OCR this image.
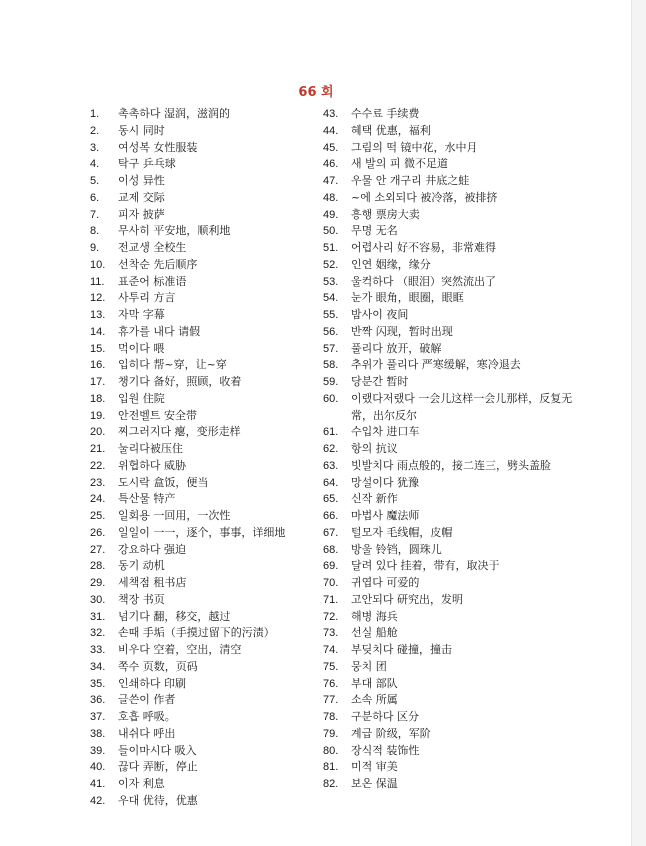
66 회
1.	촉촉하다 湿润，滋润的
2.	동시 同时
3.	여성복 女性服装
4.	탁구 乒乓球
5.	이성 异性
6.	교제 交际
7.	피자 披萨
8.	무사히 平安地，顺利地
9.	전교생 全校生
10.	선착순 先后顺序
11.	표준어 标准语
12.	사투리 方言
13.	자막 字幕
14.	휴가를 내다 请假
15.	먹이다 喂
16.	입히다 帮~穿，让~穿
17.	챙기다 备好，照顾，收着
18.	입원 住院
19.	안전벨트 安全带
20.	찌그러지다 瘪，变形走样
21.	눌리다被压住
22.	위협하다 威胁
23.	도시락 盒饭，便当
24.	특산물 特产
25.	일회용 一回用，一次性
26.	일일이 一一，逐个，事事，详细地
27.	강요하다 强迫
28.	동기 动机
29.	세책점 租书店
30.	책장 书页
31.	넘기다 翻，移交，越过
32.	손때 手垢（手摸过留下的污渍）
33.	비우다 空着，空出，清空
34.	쪽수 页数，页码
35.	인쇄하다 印刷
36.	글쓴이 作者
37.	호흡 呼吸。
38.	내쉬다 呼出
39.	들이마시다 吸入
40.	끊다 弄断，停止
41.	이자 利息
42.	우대 优待，优惠
43.	수수료 手续费
44.	혜택 优惠，福利
45.	그림의 떡 镜中花，水中月
46.	새 발의 피 微不足道
47.	우물 안 개구리 井底之蛙
48.	~에 소외되다 被冷落，被排挤
49.	흥행 票房大卖
50.	무명 无名
51.	어렵사리 好不容易，非常难得
52.	인연 姻缘，缘分
53.	울컥하다 （眼泪）突然流出了
54.	눈가 眼角，眼圈，眼眶
55.	밤사이 夜间
56.	반짝 闪现，暂时出现
57.	풀리다 放开，破解
58.	추위가 풀리다 严寒缓解，寒冷退去
59.	당분간 暂时
60.	이랬다저랬다 一会儿这样一会儿那样，反复无常，出尔反尔
61.	수입차 进口车
62.	항의 抗议
63.	빗발치다 雨点般的，接二连三，劈头盖脸
64.	망설이다 犹豫
65.	신작 新作
66.	마법사 魔法师
67.	털모자 毛线帽，皮帽
68.	방울 铃铛，圆珠儿
69.	달려 있다 挂着，带有，取决于
70.	귀엽다 可爱的
71.	고안되다 研究出，发明
72.	해병 海兵
73.	선실 船舱
74.	부딪치다 碰撞，撞击
75.	뭉치 团
76.	부대 部队
77.	소속 所属
78.	구분하다 区分
79.	계급 阶级，军阶
80.	장식적 装饰性
81.	미적 审美
82.	보온 保温
